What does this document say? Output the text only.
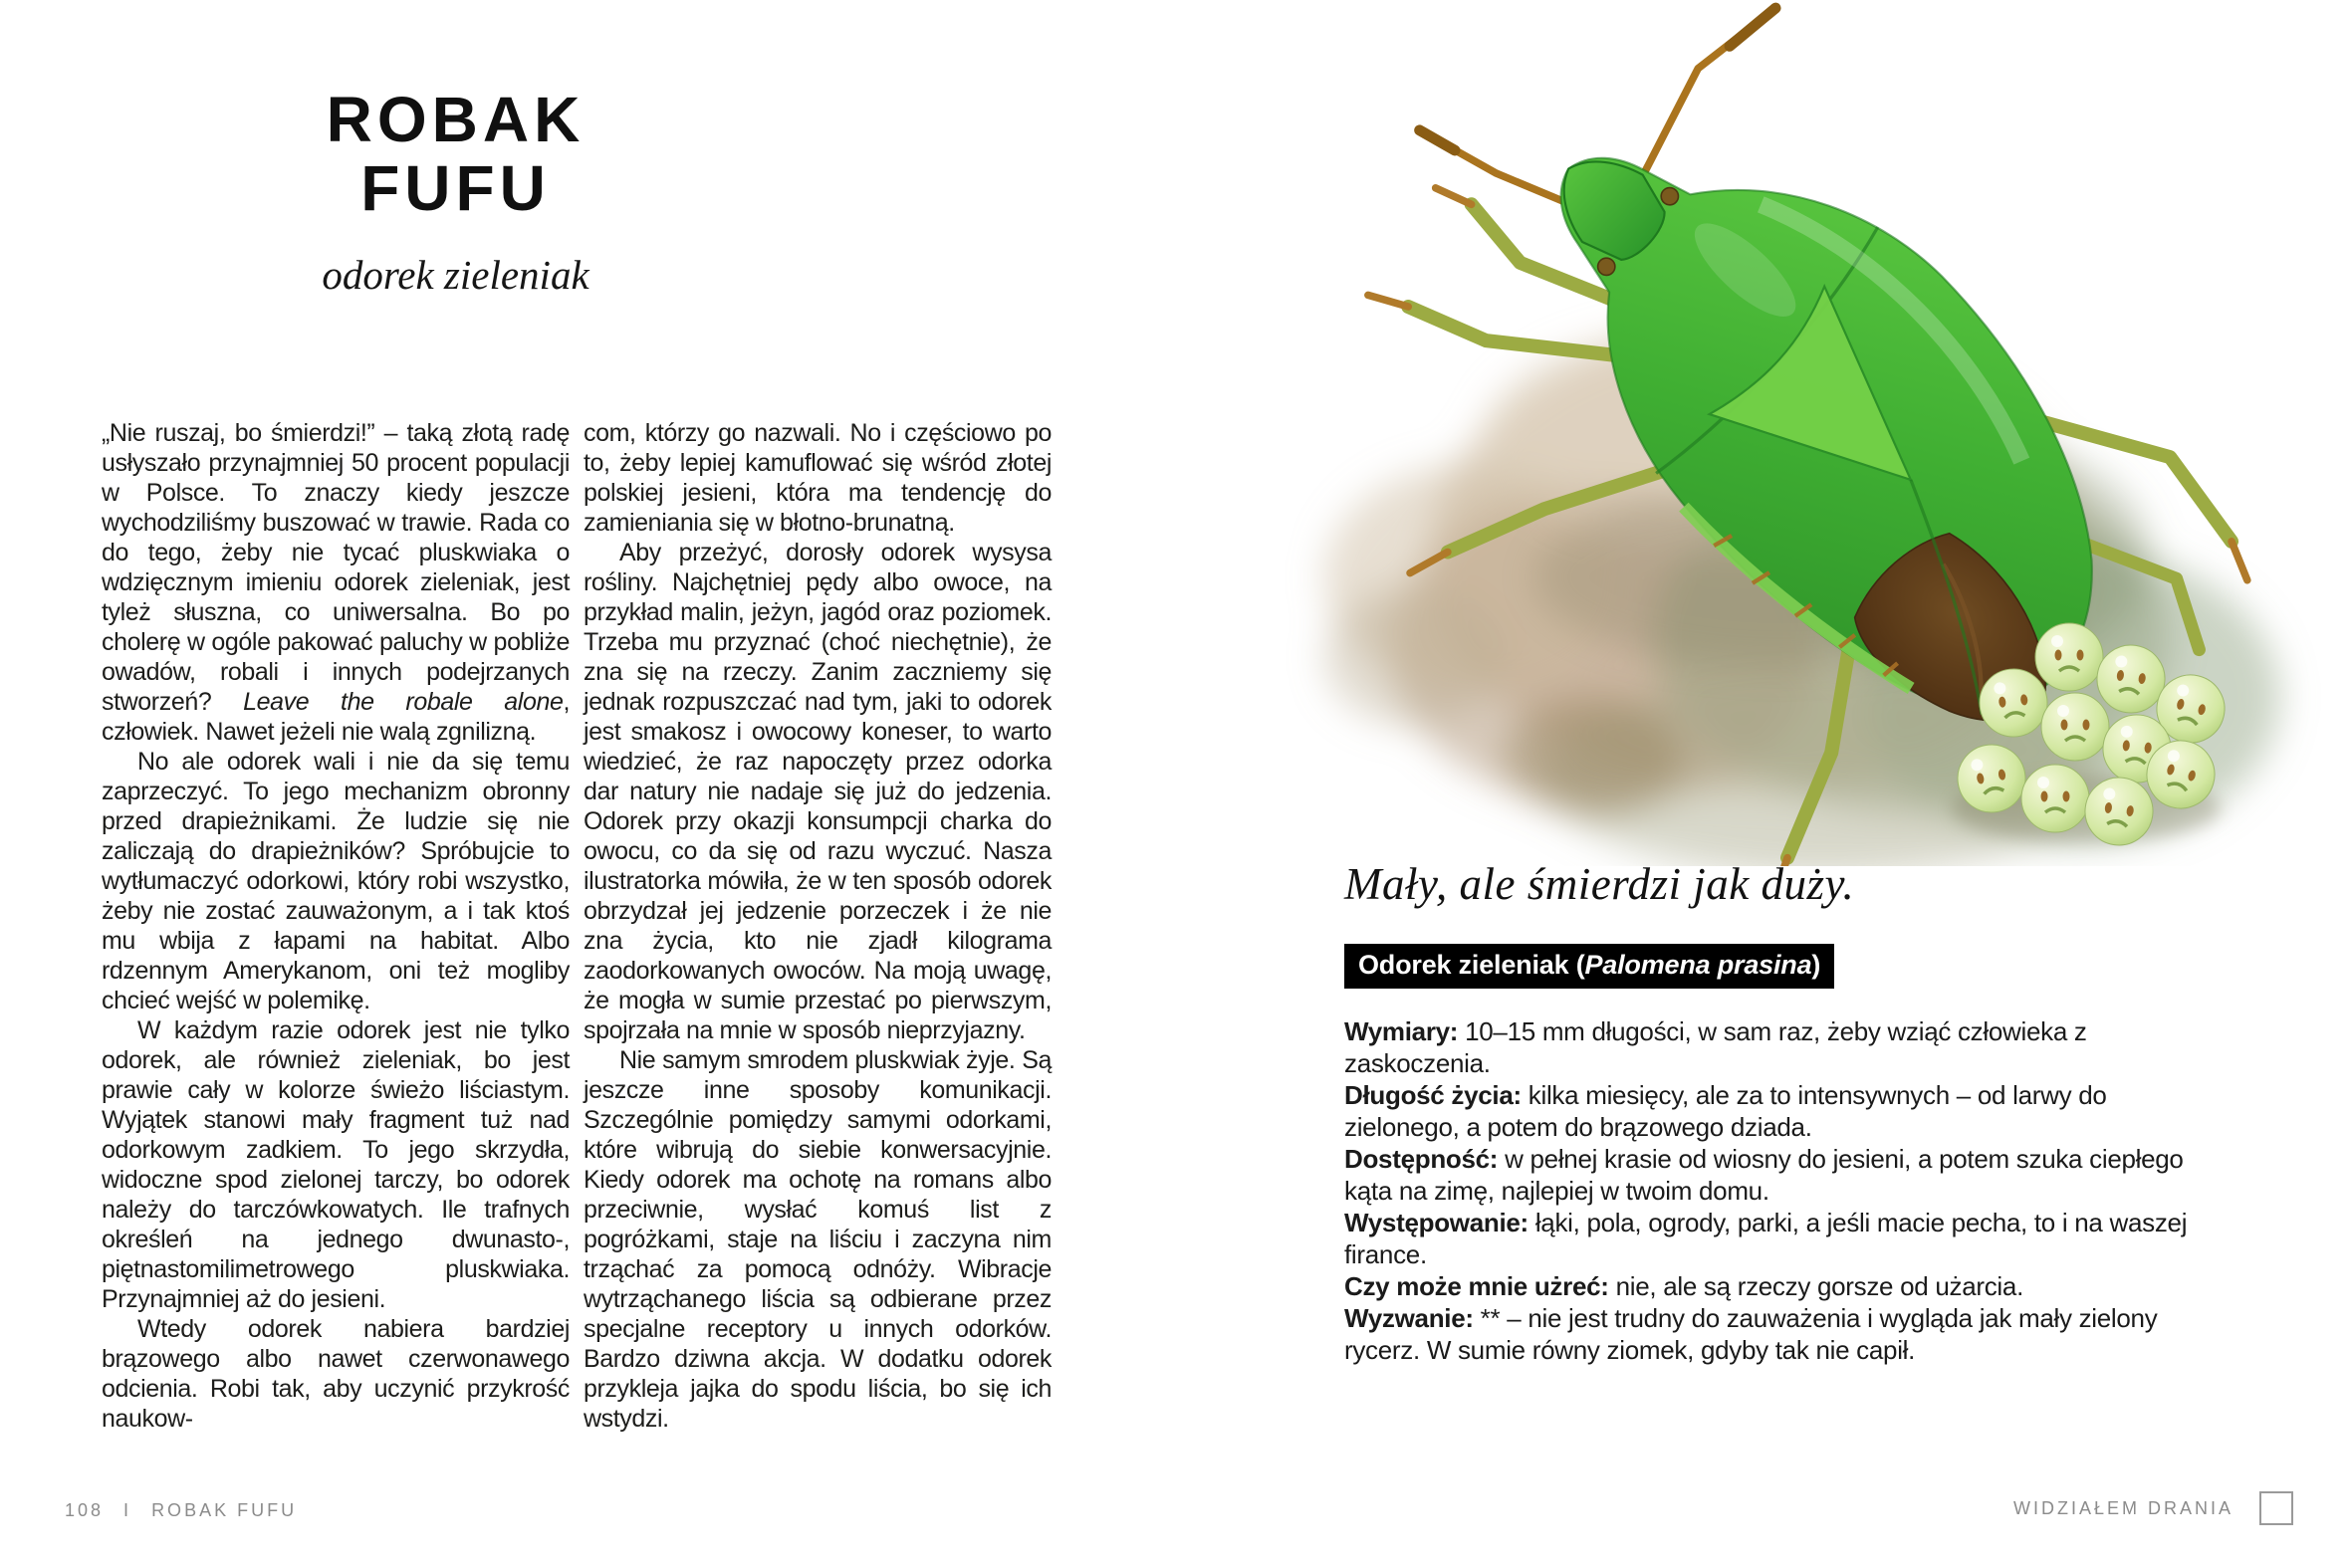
ROBAK
FUFU
odorek zieleniak

„Nie ruszaj, bo śmierdzi!” – taką złotą radę usłyszało przynajmniej 50 procent populacji w Polsce. To znaczy kiedy jeszcze wychodziliśmy buszować w trawie. Rada co do tego, żeby nie tycać pluskwiaka o wdzięcznym imieniu odorek zieleniak, jest tyleż słuszna, co uniwersalna. Bo po cholerę w ogóle pakować paluchy w pobliże owadów, robali i innych podejrzanych stworzeń? Leave the robale alone, człowiek. Nawet jeżeli nie walą zgnilizną.

No ale odorek wali i nie da się temu zaprzeczyć. To jego mechanizm obronny przed drapieżnikami. Że ludzie się nie zaliczają do drapieżników? Spróbujcie to wytłumaczyć odorkowi, który robi wszystko, żeby nie zostać zauważonym, a i tak ktoś mu wbija z łapami na habitat. Albo rdzennym Amerykanom, oni też mogliby chcieć wejść w polemikę.

W każdym razie odorek jest nie tylko odorek, ale również zieleniak, bo jest prawie cały w kolorze świeżo liściastym. Wyjątek stanowi mały fragment tuż nad odorkowym zadkiem. To jego skrzydła, widoczne spod zielonej tarczy, bo odorek należy do tarczówkowatych. Ile trafnych określeń na jednego dwunasto-, piętnastomilimetrowego pluskwiaka. Przynajmniej aż do jesieni.

Wtedy odorek nabiera bardziej brązowego albo nawet czerwonawego odcienia. Robi tak, aby uczynić przykrość naukow-

com, którzy go nazwali. No i częściowo po to, żeby lepiej kamuflować się wśród złotej polskiej jesieni, która ma tendencję do zamieniania się w błotno-brunatną.

Aby przeżyć, dorosły odorek wysysa rośliny. Najchętniej pędy albo owoce, na przykład malin, jeżyn, jagód oraz poziomek. Trzeba mu przyznać (choć niechętnie), że zna się na rzeczy. Zanim zaczniemy się jednak rozpuszczać nad tym, jaki to odorek jest smakosz i owocowy koneser, to warto wiedzieć, że raz napoczęty przez odorka dar natury nie nadaje się już do jedzenia. Odorek przy okazji konsumpcji charka do owocu, co da się od razu wyczuć. Nasza ilustratorka mówiła, że w ten sposób odorek obrzydzał jej jedzenie porzeczek i że nie zna życia, kto nie zjadł kilograma zaodorkowanych owoców. Na moją uwagę, że mogła w sumie przestać po pierwszym, spojrzała na mnie w sposób nieprzyjazny.

Nie samym smrodem pluskwiak żyje. Są jeszcze inne sposoby komunikacji. Szczególnie pomiędzy samymi odorkami, które wibrują do siebie konwersacyjnie. Kiedy odorek ma ochotę na romans albo przeciwnie, wysłać komuś list z pogróżkami, staje na liściu i zaczyna nim trząchać za pomocą odnóży. Wibracje wytrząchanego liścia są odbierane przez specjalne receptory u innych odorków. Bardzo dziwna akcja. W dodatku odorek przykleja jajka do spodu liścia, bo się ich wstydzi.

108 I ROBAK FUFU
Mały, ale śmierdzi jak duży.
Odorek zieleniak (Palomena prasina)

Wymiary: 10–15 mm długości, w sam raz, żeby wziąć człowieka z zaskoczenia.

Długość życia: kilka miesięcy, ale za to intensywnych – od larwy do zielonego, a potem do brązowego dziada.

Dostępność: w pełnej krasie od wiosny do jesieni, a potem szuka ciepłego kąta na zimę, najlepiej w twoim domu.

Występowanie: łąki, pola, ogrody, parki, a jeśli macie pecha, to i na waszej firance.

Czy może mnie użreć: nie, ale są rzeczy gorsze od użarcia.

Wyzwanie: ** – nie jest trudny do zauważenia i wygląda jak mały zielony rycerz. W sumie równy ziomek, gdyby tak nie capił.

WIDZIAŁEM DRANIA
